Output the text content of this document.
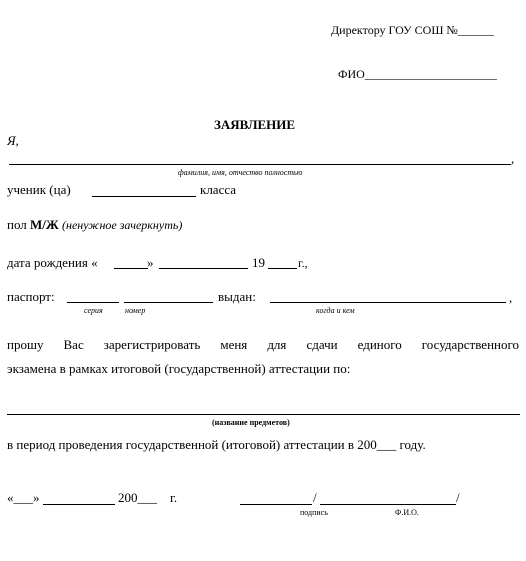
Директору ГОУ СОШ №______
ФИО______________________
ЗАЯВЛЕНИЕ
Я,
,
фамилия, имя, отчество полностью
ученик (ца)	класса
пол М/Ж (ненужное зачеркнуть)
дата рождения «	»	19	г.,
паспорт:	выдан:	,
серия	номер	когда и кем
прошу Вас зарегистрировать меня для сдачи единого государственного
экзамена в рамках итоговой (государственной) аттестации по:
(название предметов)
в период проведения государственной (итоговой) аттестации в 200___ году.
«___»	200___ г.	/	/
подпись	Ф.И.О.
